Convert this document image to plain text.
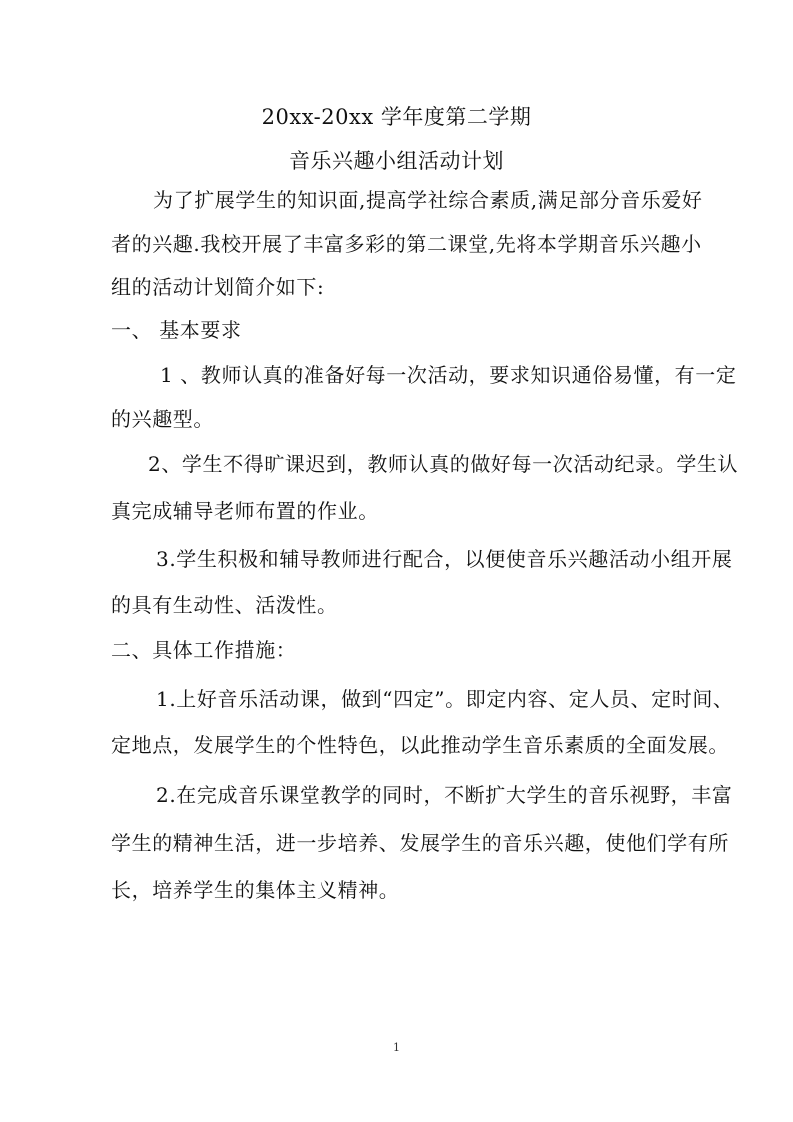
20xx-20xx 学年度第二学期
音乐兴趣小组活动计划
为了扩展学生的知识面,提高学社综合素质,满足部分音乐爱好
者的兴趣.我校开展了丰富多彩的第二课堂,先将本学期音乐兴趣小
组的活动计划简介如下:
一、 基本要求
1 、教师认真的准备好每一次活动，要求知识通俗易懂，有一定
的兴趣型。
2、学生不得旷课迟到，教师认真的做好每一次活动纪录。学生认
真完成辅导老师布置的作业。
3.学生积极和辅导教师进行配合，以便使音乐兴趣活动小组开展
的具有生动性、活泼性。
二、具体工作措施：
1.上好音乐活动课，做到“四定”。即定内容、定人员、定时间、
定地点，发展学生的个性特色，以此推动学生音乐素质的全面发展。
2.在完成音乐课堂教学的同时，不断扩大学生的音乐视野，丰富
学生的精神生活，进一步培养、发展学生的音乐兴趣，使他们学有所
长，培养学生的集体主义精神。
1
